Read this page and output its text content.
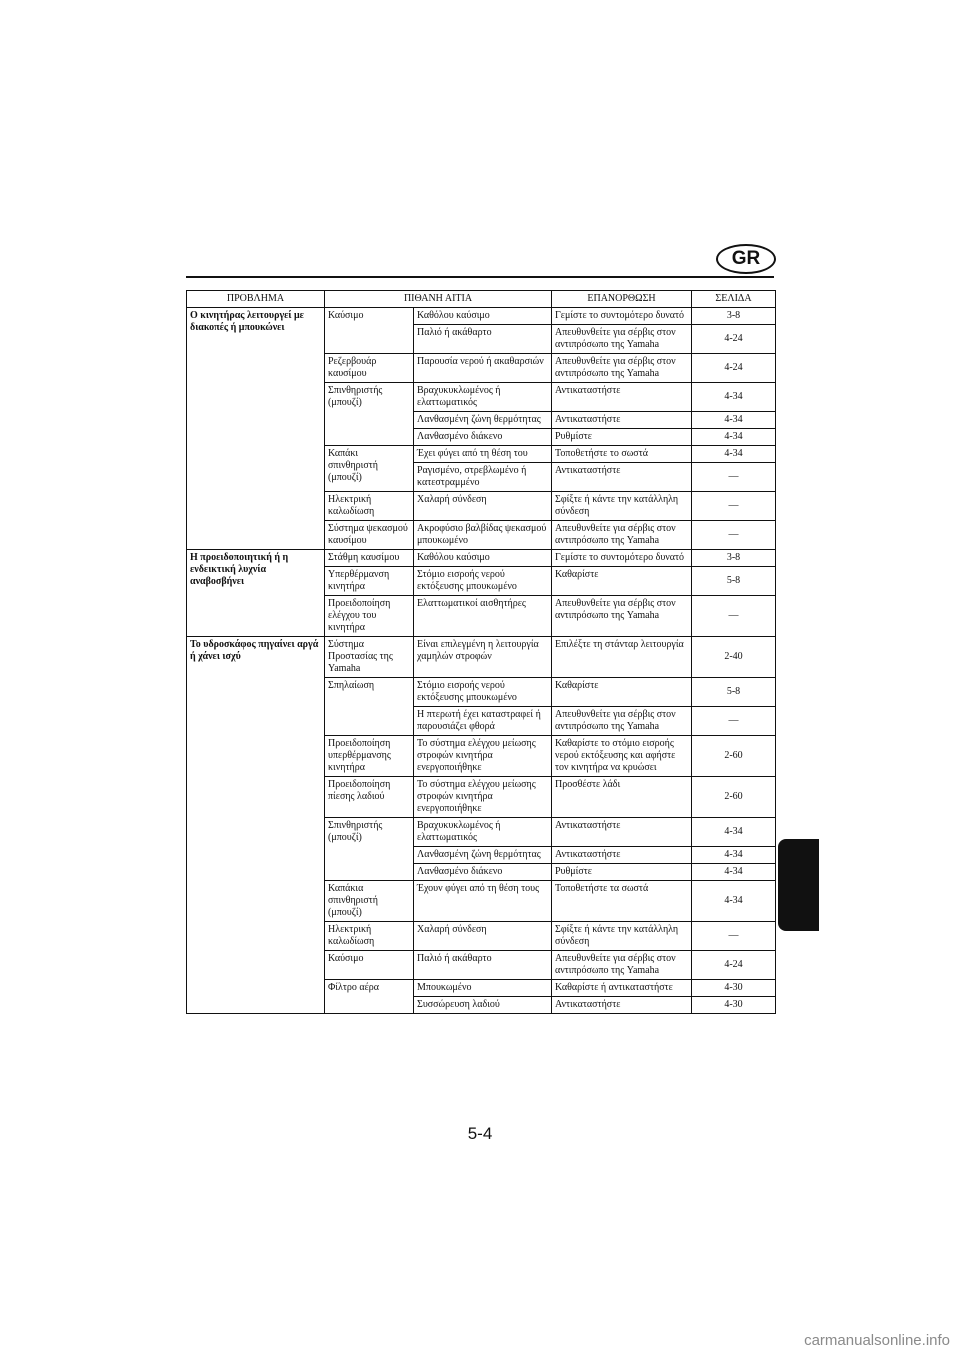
GR
ΠΡΟΒΛΗΜΑ	ΠΙΘΑΝΗ ΑΙΤΙΑ		ΕΠΑΝΟΡΘΩΣΗ	ΣΕΛΙΔΑ
Ο κινητήρας λειτουργεί με διακοπές ή μπουκώνει	Καύσιμο	Καθόλου καύσιμο	Γεμίστε το συντομότερο δυνατό	3-8
		Παλιό ή ακάθαρτο	Απευθυνθείτε για σέρβις στον αντιπρόσωπο της Yamaha	4-24
	Ρεζερβουάρ καυσίμου	Παρουσία νερού ή ακαθαρσιών	Απευθυνθείτε για σέρβις στον αντιπρόσωπο της Yamaha	4-24
	Σπινθηριστής (μπουζί)	Βραχυκυκλωμένος ή ελαττωματικός	Αντικαταστήστε	4-34
		Λανθασμένη ζώνη θερμότητας	Αντικαταστήστε	4-34
		Λανθασμένο διάκενο	Ρυθμίστε	4-34
	Καπάκι σπινθηριστή (μπουζί)	Έχει φύγει από τη θέση του	Τοποθετήστε το σωστά	4-34
		Ραγισμένο, στρεβλωμένο ή κατεστραμμένο	Αντικαταστήστε	—
	Ηλεκτρική καλωδίωση	Χαλαρή σύνδεση	Σφίξτε ή κάντε την κατάλληλη σύνδεση	—
	Σύστημα ψεκασμού καυσίμου	Ακροφύσιο βαλβίδας ψεκασμού μπουκωμένο	Απευθυνθείτε για σέρβις στον αντιπρόσωπο της Yamaha	—
Η προειδοποιητική ή η ενδεικτική λυχνία αναβοσβήνει	Στάθμη καυσίμου	Καθόλου καύσιμο	Γεμίστε το συντομότερο δυνατό	3-8
	Υπερθέρμανση κινητήρα	Στόμιο εισροής νερού εκτόξευσης μπουκωμένο	Καθαρίστε	5-8
	Προειδοποίηση ελέγχου του κινητήρα	Ελαττωματικοί αισθητήρες	Απευθυνθείτε για σέρβις στον αντιπρόσωπο της Yamaha	—
Το υδροσκάφος πηγαίνει αργά ή χάνει ισχύ	Σύστημα Προστασίας της Yamaha	Είναι επιλεγμένη η λειτουργία χαμηλών στροφών	Επιλέξτε τη στάνταρ λειτουργία	2-40
	Σπηλαίωση	Στόμιο εισροής νερού εκτόξευσης μπουκωμένο	Καθαρίστε	5-8
		Η πτερωτή έχει καταστραφεί ή παρουσιάζει φθορά	Απευθυνθείτε για σέρβις στον αντιπρόσωπο της Yamaha	—
	Προειδοποίηση υπερθέρμανσης κινητήρα	Το σύστημα ελέγχου μείωσης στροφών κινητήρα ενεργοποιήθηκε	Καθαρίστε το στόμιο εισροής νερού εκτόξευσης και αφήστε τον κινητήρα να κρυώσει	2-60
	Προειδοποίηση πίεσης λαδιού	Το σύστημα ελέγχου μείωσης στροφών κινητήρα ενεργοποιήθηκε	Προσθέστε λάδι	2-60
	Σπινθηριστής (μπουζί)	Βραχυκυκλωμένος ή ελαττωματικός	Αντικαταστήστε	4-34
		Λανθασμένη ζώνη θερμότητας	Αντικαταστήστε	4-34
		Λανθασμένο διάκενο	Ρυθμίστε	4-34
	Καπάκια σπινθηριστή (μπουζί)	Έχουν φύγει από τη θέση τους	Τοποθετήστε τα σωστά	4-34
	Ηλεκτρική καλωδίωση	Χαλαρή σύνδεση	Σφίξτε ή κάντε την κατάλληλη σύνδεση	—
	Καύσιμο	Παλιό ή ακάθαρτο	Απευθυνθείτε για σέρβις στον αντιπρόσωπο της Yamaha	4-24
	Φίλτρο αέρα	Μπουκωμένο	Καθαρίστε ή αντικαταστήστε	4-30
		Συσσώρευση λαδιού	Αντικαταστήστε	4-30
5-4
carmanualsonline.info
